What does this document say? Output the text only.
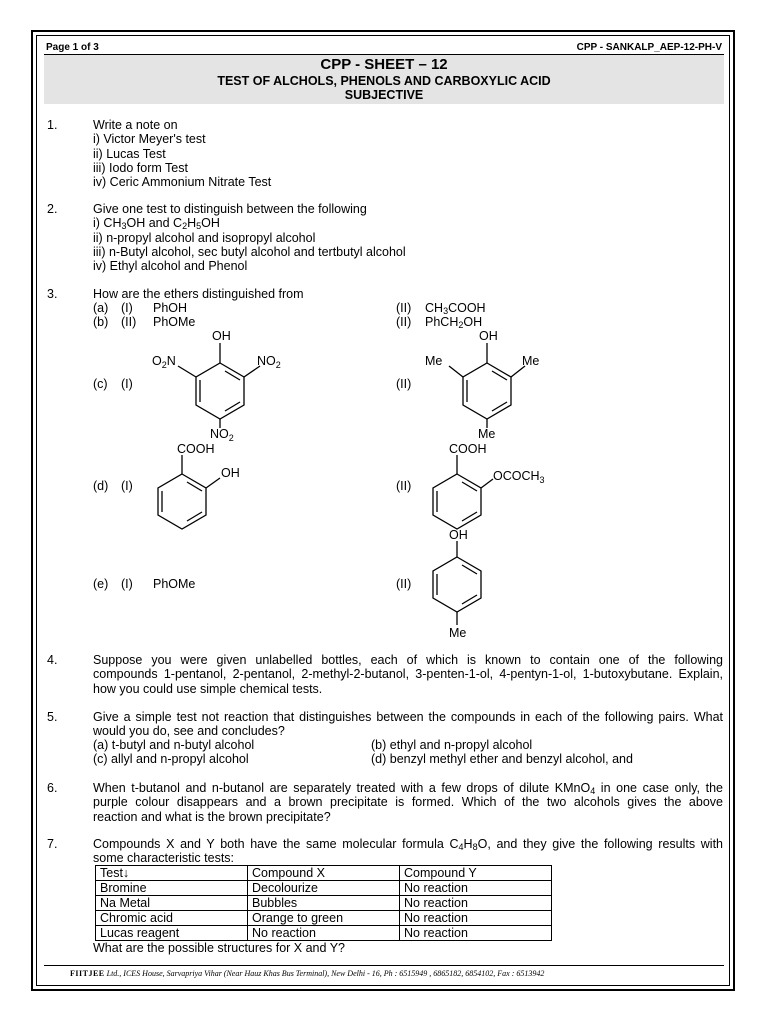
Page 1 of 3	CPP - SANKALP_AEP-12-PH-V
CPP - SHEET – 12
TEST OF ALCHOLS, PHENOLS AND CARBOXYLIC ACID
SUBJECTIVE
1.	Write a note on
i) Victor Meyer's test
ii) Lucas Test
iii) Iodo form Test
iv) Ceric Ammonium Nitrate Test
2.	Give one test to distinguish between the following
i) $CH_3OH$ and $C_2H_5OH$
ii) n-propyl alcohol and isopropyl alcohol
iii) n-Butyl alcohol, sec butyl alcohol and tertbutyl alcohol
iv) Ethyl alcohol and Phenol
3.	How are the ethers distinguished from
(a) (I) PhOH	(II) $CH_3COOH$
(b) (II) PhOMe	(II) PhCH$_2$OH
(c) (I)	(II)
(d) (I)	(II)
(e) (I) PhOMe	(II)
OH
$O_2N$	$NO_2$
$NO_2$
OH
Me	Me
Me
COOH
OH
COOH
$OCOCH_3$
OH
Me
4.	Suppose you were given unlabelled bottles, each of which is known to contain one of the following
compounds 1-pentanol, 2-pentanol, 2-methyl-2-butanol, 3-penten-1-ol, 4-pentyn-1-ol, 1-butoxybutane. Explain,
how you could use simple chemical tests.
5.	Give a simple test not reaction that distinguishes between the compounds in each of the following pairs. What
would you do, see and concludes?
(a) t-butyl and n-butyl alcohol	(b) ethyl and n-propyl alcohol
(c) allyl and n-propyl alcohol	(d) benzyl methyl ether and benzyl alcohol, and
6.	When t-butanol and n-butanol are separately treated with a few drops of dilute KMnO$_4$ in one case only, the
purple colour disappears and a brown precipitate is formed. Which of the two alcohols gives the above
reaction and what is the brown precipitate?
7.	Compounds X and Y both have the same molecular formula $C_4H_8O$, and they give the following results with
some characteristic tests:
Test↓	Compound X	Compound Y
Bromine	Decolourize	No reaction
Na Metal	Bubbles	No reaction
Chromic acid	Orange to green	No reaction
Lucas reagent	No reaction	No reaction
What are the possible structures for X and Y?
FIITJEE Ltd., ICES House, Sarvapriya Vihar (Near Hauz Khas Bus Terminal), New Delhi - 16, Ph : 6515949 , 6865182, 6854102, Fax : 6513942
